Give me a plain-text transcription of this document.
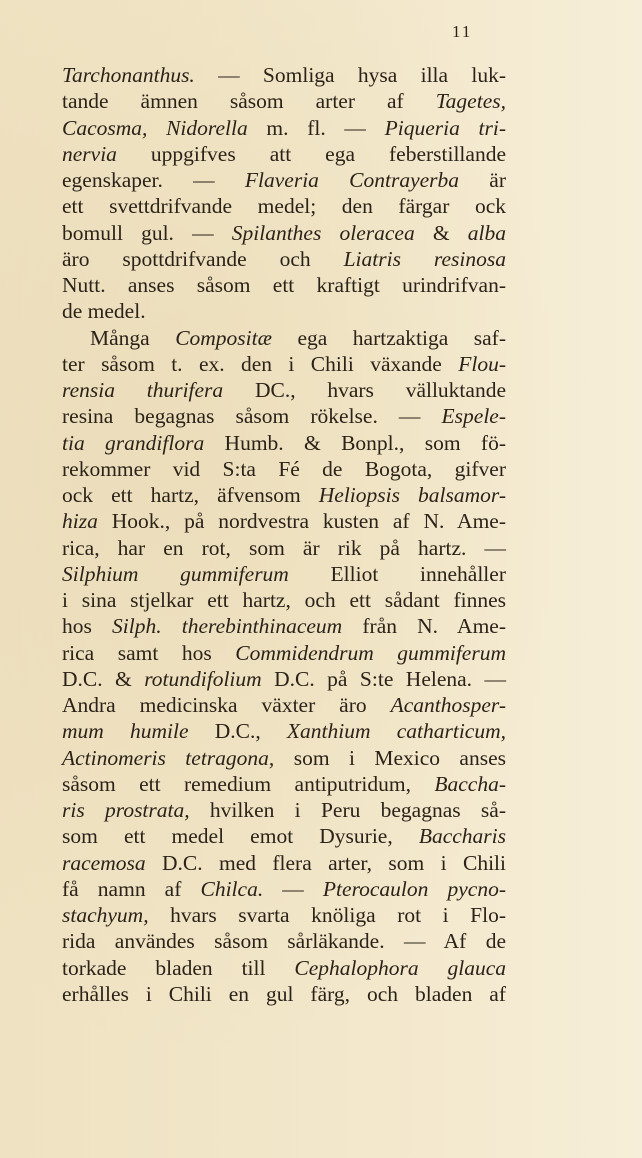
11
Tarchonanthus. — Somliga hysa illa luk-
tande ämnen såsom arter af Tagetes,
Cacosma, Nidorella m. fl. — Piqueria tri-
nervia uppgifves att ega feberstillande
egenskaper. — Flaveria Contrayerba är
ett svettdrifvande medel; den färgar ock
bomull gul. — Spilanthes oleracea & alba
äro spottdrifvande och Liatris resinosa
Nutt. anses såsom ett kraftigt urindrifvan-
de medel.
Många Compositæ ega hartzaktiga saf-
ter såsom t. ex. den i Chili växande Flou-
rensia thurifera DC., hvars välluktande
resina begagnas såsom rökelse. — Espele-
tia grandiflora Humb. & Bonpl., som fö-
rekommer vid S:ta Fé de Bogota, gifver
ock ett hartz, äfvensom Heliopsis balsamor-
hiza Hook., på nordvestra kusten af N. Ame-
rica, har en rot, som är rik på hartz. —
Silphium gummiferum Elliot innehåller
i sina stjelkar ett hartz, och ett sådant finnes
hos Silph. therebinthinaceum från N. Ame-
rica samt hos Commidendrum gummiferum
D.C. & rotundifolium D.C. på S:te Helena. —
Andra medicinska växter äro Acanthosper-
mum humile D.C., Xanthium catharticum,
Actinomeris tetragona, som i Mexico anses
såsom ett remedium antiputridum, Baccha-
ris prostrata, hvilken i Peru begagnas så-
som ett medel emot Dysurie, Baccharis
racemosa D.C. med flera arter, som i Chili
få namn af Chilca. — Pterocaulon pycno-
stachyum, hvars svarta knöliga rot i Flo-
rida användes såsom sårläkande. — Af de
torkade bladen till Cephalophora glauca
erhålles i Chili en gul färg, och bladen af
